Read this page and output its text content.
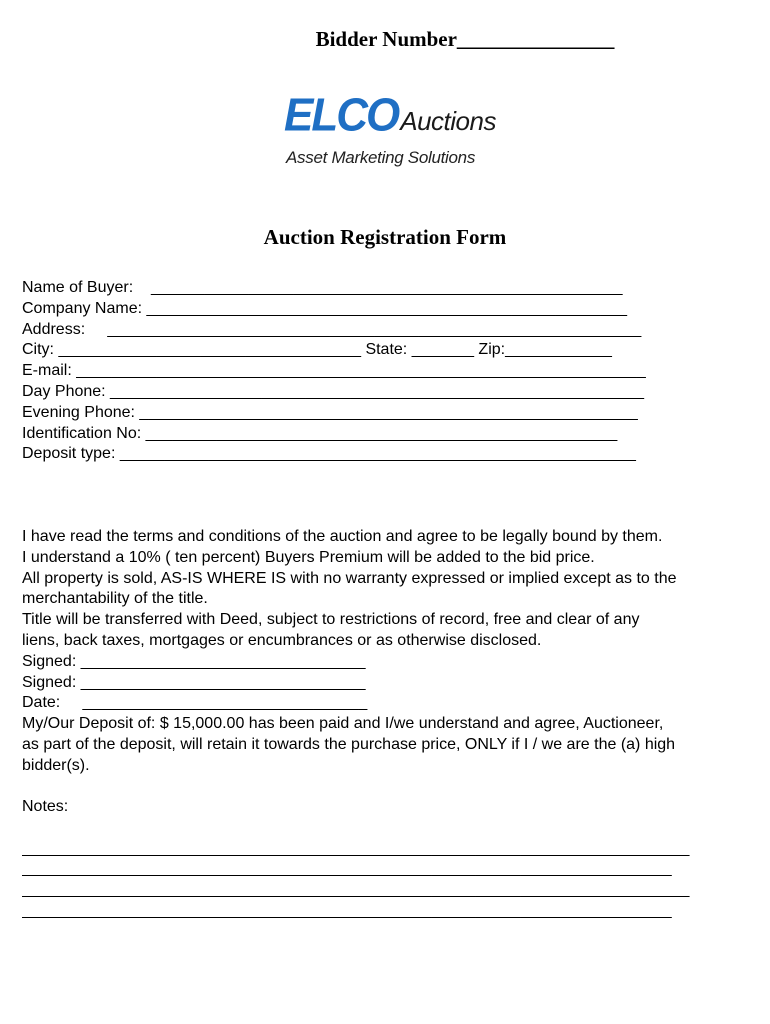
Bidder Number_______________
ELCOAuctions
Asset Marketing Solutions
Auction Registration Form
Name of Buyer:    _____________________________________________________
Company Name: ______________________________________________________
Address:     ____________________________________________________________
City: __________________________________ State: _______ Zip:____________
E-mail: ________________________________________________________________
Day Phone: ____________________________________________________________
Evening Phone: ________________________________________________________
Identification No: _____________________________________________________
Deposit type: __________________________________________________________
I have read the terms and conditions of the auction and agree to be legally bound by them.
I understand a 10% ( ten percent) Buyers Premium will be added to the bid price.
All property is sold, AS-IS WHERE IS with no warranty expressed or implied except as to the
merchantability of the title.
Title will be transferred with Deed, subject to restrictions of record, free and clear of any
liens, back taxes, mortgages or encumbrances or as otherwise disclosed.
Signed: ________________________________
Signed: ________________________________
Date:     ________________________________
My/Our Deposit of: $ 15,000.00 has been paid and I/we understand and agree, Auctioneer,
as part of the deposit, will retain it towards the purchase price, ONLY if I / we are the (a) high
bidder(s).
Notes:
___________________________________________________________________________
_________________________________________________________________________
___________________________________________________________________________
_________________________________________________________________________
